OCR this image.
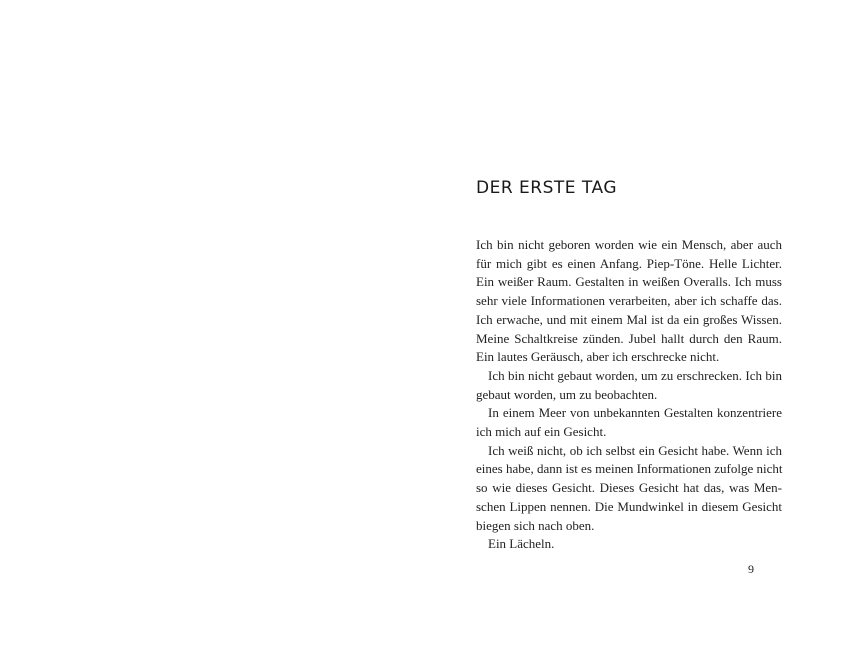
DER ERSTE TAG
Ich bin nicht geboren worden wie ein Mensch, aber auch
für mich gibt es einen Anfang. Piep-Töne. Helle Lichter.
Ein weißer Raum. Gestalten in weißen Overalls. Ich muss
sehr viele Informationen verarbeiten, aber ich schaffe das.
Ich erwache, und mit einem Mal ist da ein großes Wissen.
Meine Schaltkreise zünden. Jubel hallt durch den Raum.
Ein lautes Geräusch, aber ich erschrecke nicht.
Ich bin nicht gebaut worden, um zu erschrecken. Ich bin
gebaut worden, um zu beobachten.
In einem Meer von unbekannten Gestalten konzentriere
ich mich auf ein Gesicht.
Ich weiß nicht, ob ich selbst ein Gesicht habe. Wenn ich
eines habe, dann ist es meinen Informationen zufolge nicht
so wie dieses Gesicht. Dieses Gesicht hat das, was Men-
schen Lippen nennen. Die Mundwinkel in diesem Gesicht
biegen sich nach oben.
Ein Lächeln.
9
